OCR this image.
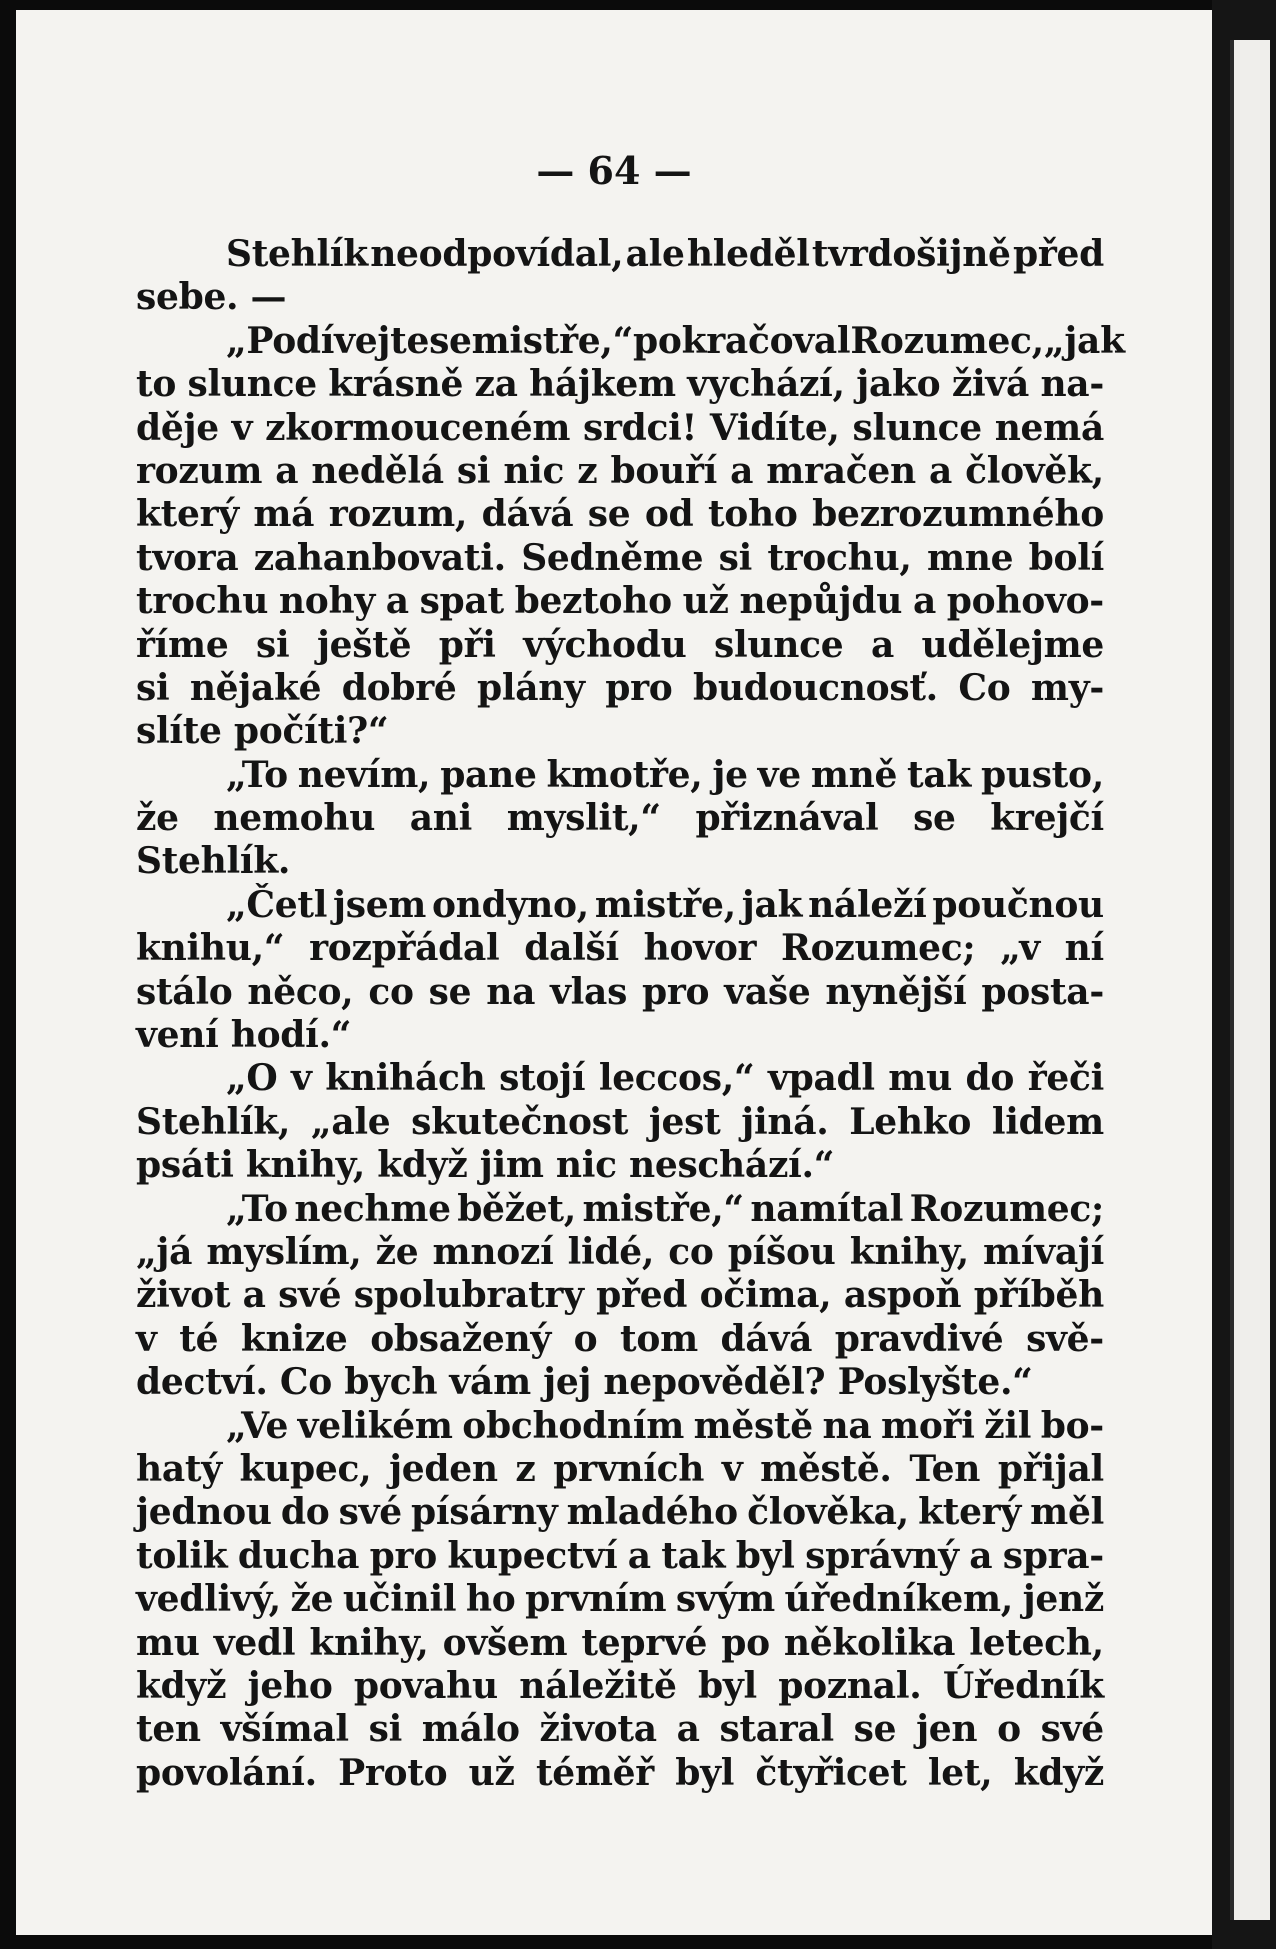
— 64 —
Stehlík neodpovídal, ale hleděl tvrdošijně před
sebe. —
„Podívejte se mistře,“ pokračoval Rozumec, „jak
to slunce krásně za hájkem vychází, jako živá na-
děje v zkormouceném srdci! Vidíte, slunce nemá
rozum a nedělá si nic z bouří a mračen a člověk,
který má rozum, dává se od toho bezrozumného
tvora zahanbovati. Sedněme si trochu, mne bolí
trochu nohy a spat beztoho už nepůjdu a pohovo-
říme si ještě při východu slunce a udělejme
si nějaké dobré plány pro budoucnosť. Co my-
slíte počíti?“
„To nevím, pane kmotře, je ve mně tak pusto,
že nemohu ani myslit,“ přiznával se krejčí
Stehlík.
„Četl jsem ondyno, mistře, jak náleží poučnou
knihu,“ rozpřádal další hovor Rozumec; „v ní
stálo něco, co se na vlas pro vaše nynější posta-
vení hodí.“
„O v knihách stojí leccos,“ vpadl mu do řeči
Stehlík, „ale skutečnost jest jiná. Lehko lidem
psáti knihy, když jim nic neschází.“
„To nechme běžet, mistře,“ namítal Rozumec;
„já myslím, že mnozí lidé, co píšou knihy, mívají
život a své spolubratry před očima, aspoň příběh
v té knize obsažený o tom dává pravdivé svě-
dectví. Co bych vám jej nepověděl? Poslyšte.“
„Ve velikém obchodním městě na moři žil bo-
hatý kupec, jeden z prvních v městě. Ten přijal
jednou do své písárny mladého člověka, který měl
tolik ducha pro kupectví a tak byl správný a spra-
vedlivý, že učinil ho prvním svým úředníkem, jenž
mu vedl knihy, ovšem teprvé po několika letech,
když jeho povahu náležitě byl poznal. Úředník
ten všímal si málo života a staral se jen o své
povolání. Proto už téměř byl čtyřicet let, když
